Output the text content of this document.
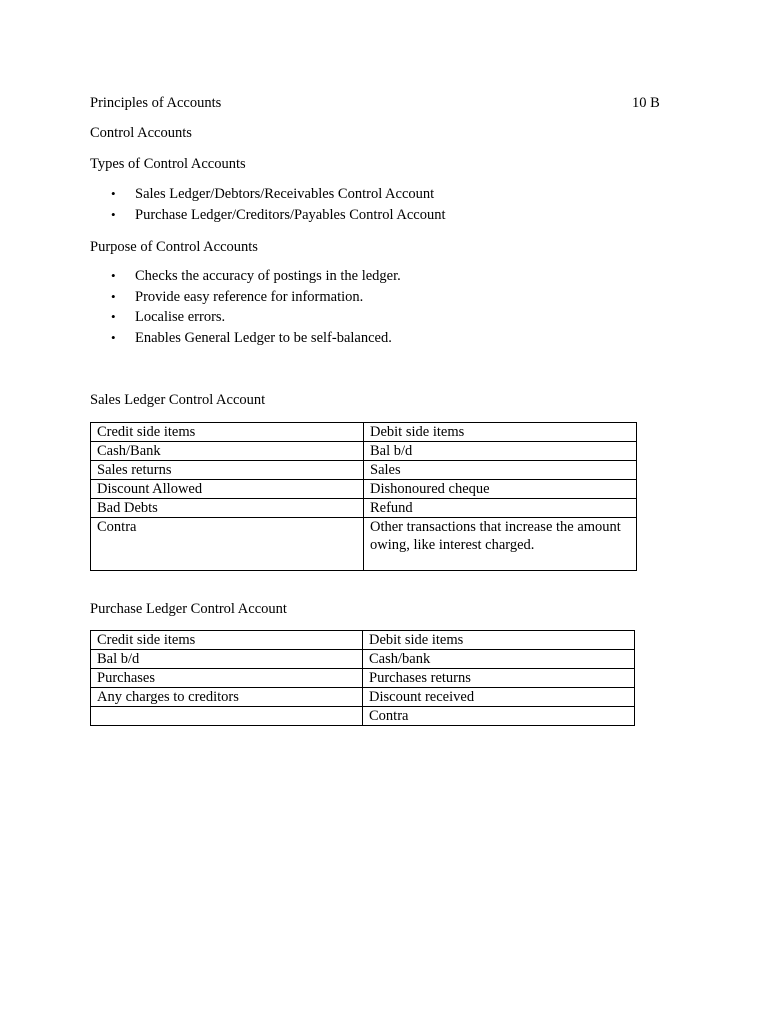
Principles of Accounts	10 B
Control Accounts
Types of Control Accounts
• Sales Ledger/Debtors/Receivables Control Account
• Purchase Ledger/Creditors/Payables Control Account
Purpose of Control Accounts
• Checks the accuracy of postings in the ledger.
• Provide easy reference for information.
• Localise errors.
• Enables General Ledger to be self-balanced.
Sales Ledger Control Account
Credit side items	Debit side items
Cash/Bank	Bal b/d
Sales returns	Sales
Discount Allowed	Dishonoured cheque
Bad Debts	Refund
Contra	Other transactions that increase the amount owing, like interest charged.
Purchase Ledger Control Account
Credit side items	Debit side items
Bal b/d	Cash/bank
Purchases	Purchases returns
Any charges to creditors	Discount received
	Contra
